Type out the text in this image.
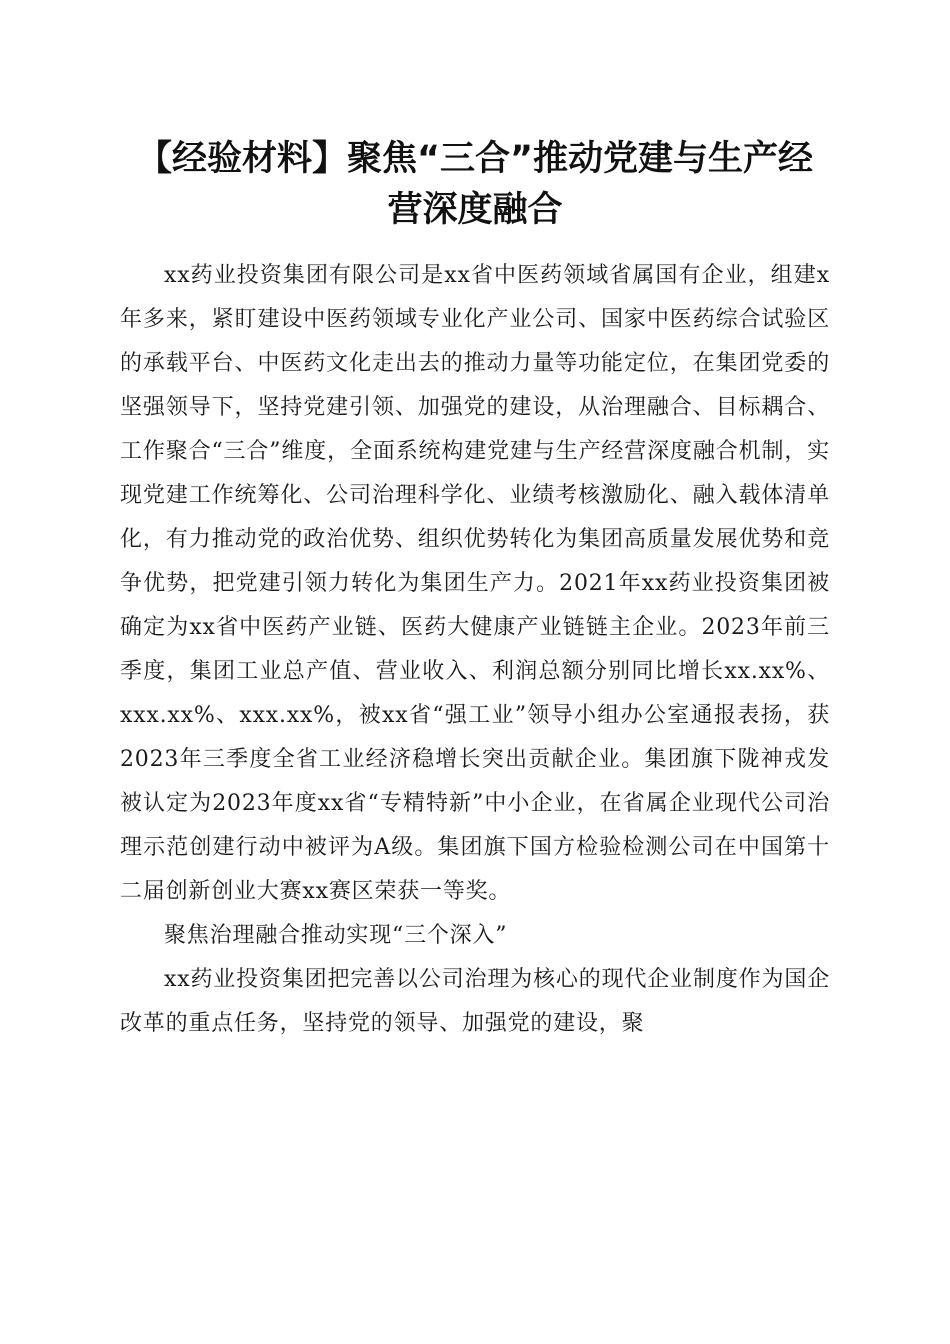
【经验材料】聚焦“三合”推动党建与生产经
营深度融合

xx药业投资集团有限公司是xx省中医药领域省属国有企业，组建x年多来，紧盯建设中医药领域专业化产业公司、国家中医药综合试验区的承载平台、中医药文化走出去的推动力量等功能定位，在集团党委的坚强领导下，坚持党建引领、加强党的建设，从治理融合、目标耦合、工作聚合“三合”维度，全面系统构建党建与生产经营深度融合机制，实现党建工作统筹化、公司治理科学化、业绩考核激励化、融入载体清单化，有力推动党的政治优势、组织优势转化为集团高质量发展优势和竞争优势，把党建引领力转化为集团生产力。2021年xx药业投资集团被确定为xx省中医药产业链、医药大健康产业链链主企业。2023年前三季度，集团工业总产值、营业收入、利润总额分别同比增长xx.xx%、xxx.xx%、xxx.xx%，被xx省“强工业”领导小组办公室通报表扬，获2023年三季度全省工业经济稳增长突出贡献企业。集团旗下陇神戎发被认定为2023年度xx省“专精特新”中小企业，在省属企业现代公司治理示范创建行动中被评为A级。集团旗下国方检验检测公司在中国第十二届创新创业大赛xx赛区荣获一等奖。

聚焦治理融合推动实现“三个深入”

xx药业投资集团把完善以公司治理为核心的现代企业制度作为国企改革的重点任务，坚持党的领导、加强党的建设，聚
